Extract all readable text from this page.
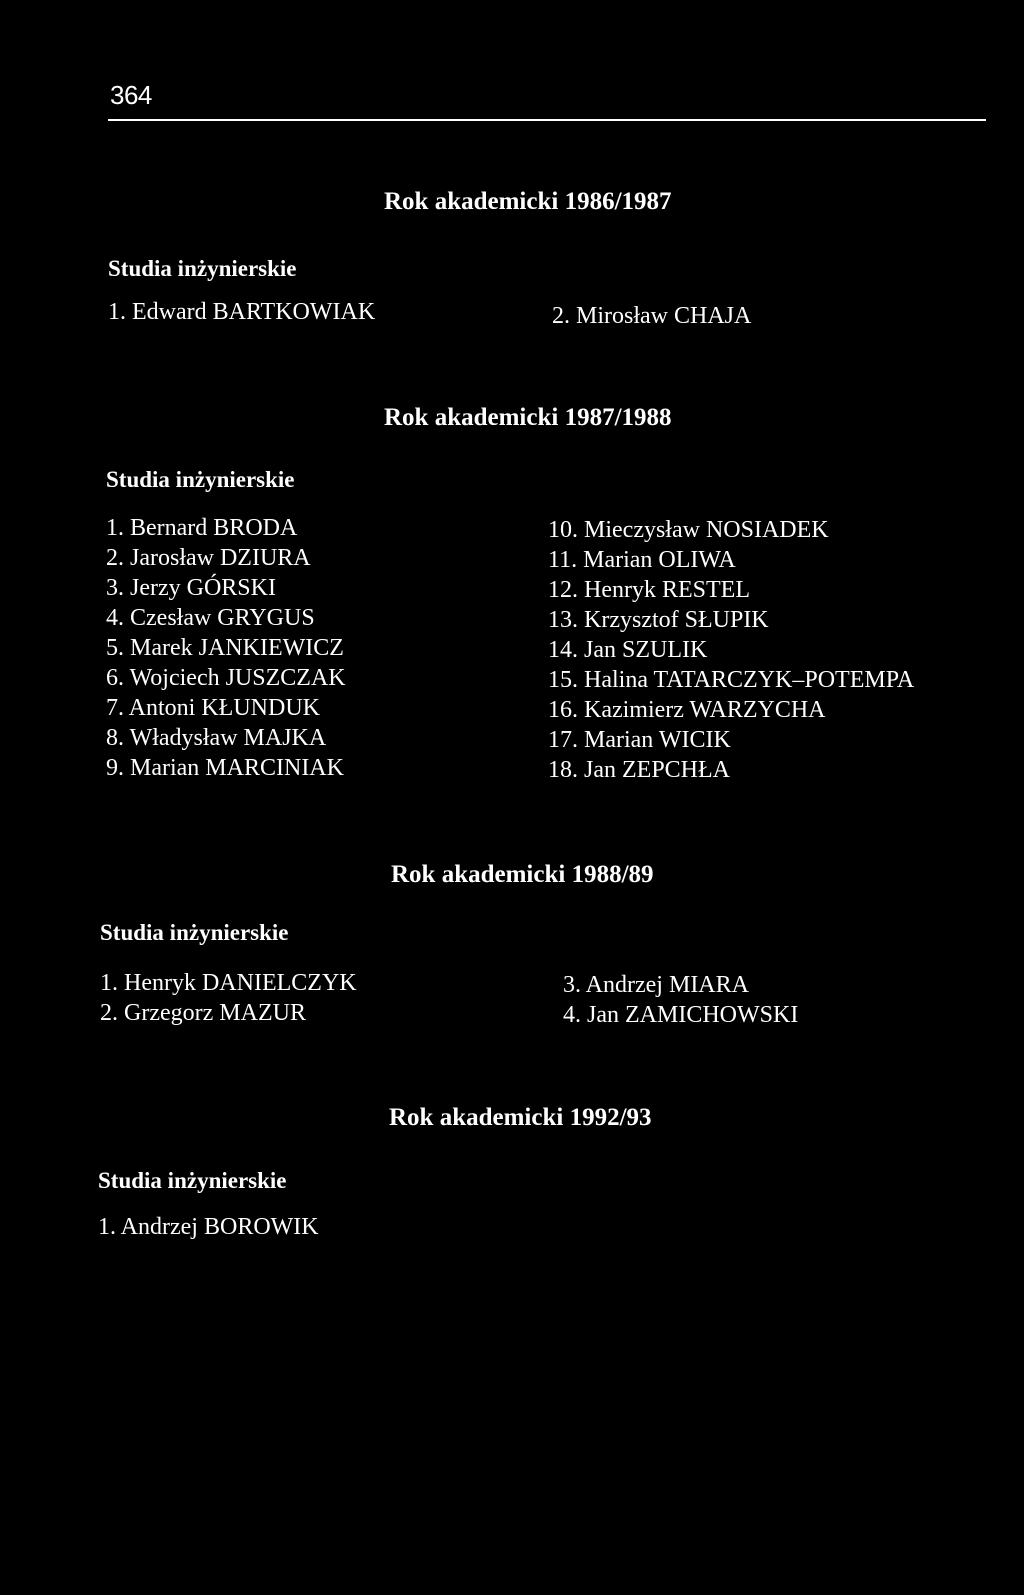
364
Rok akademicki 1986/1987
Studia inżynierskie
1. Edward BARTKOWIAK	2. Mirosław CHAJA
Rok akademicki 1987/1988
Studia inżynierskie
1. Bernard BRODA
2. Jarosław DZIURA
3. Jerzy GÓRSKI
4. Czesław GRYGUS
5. Marek JANKIEWICZ
6. Wojciech JUSZCZAK
7. Antoni KŁUNDUK
8. Władysław MAJKA
9. Marian MARCINIAK
10. Mieczysław NOSIADEK
11. Marian OLIWA
12. Henryk RESTEL
13. Krzysztof SŁUPIK
14. Jan SZULIK
15. Halina TATARCZYK–POTEMPA
16. Kazimierz WARZYCHA
17. Marian WICIK
18. Jan ZEPCHŁA
Rok akademicki 1988/89
Studia inżynierskie
1. Henryk DANIELCZYK
2. Grzegorz MAZUR
3. Andrzej MIARA
4. Jan ZAMICHOWSKI
Rok akademicki 1992/93
Studia inżynierskie
1. Andrzej BOROWIK
